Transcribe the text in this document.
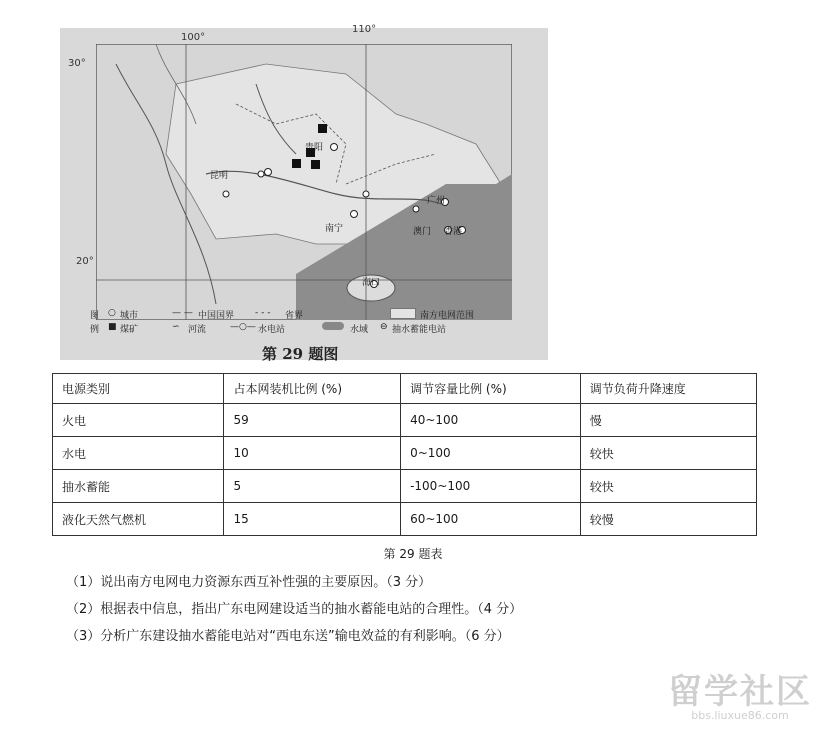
100°
110°
30°
20°
昆明
贵阳
南宁
广州
澳门 香港
海口
图
例
○ 城市
■ 煤矿
— — 中国国界
∽ 河流
- - - 省界
—○— 水电站	水域
南方电网范围
⊖ 抽水蓄能电站
第 29 题图
电源类别	占本网装机比例 (%)	调节容量比例 (%)	调节负荷升降速度
火电	59	40~100	慢
水电	10	0~100	较快
抽水蓄能	5	-100~100	较快
液化天然气燃机	15	60~100	较慢
第 29 题表
（1）说出南方电网电力资源东西互补性强的主要原因。（3 分）
（2）根据表中信息，指出广东电网建设适当的抽水蓄能电站的合理性。（4 分）
（3）分析广东建设抽水蓄能电站对“西电东送”输电效益的有利影响。（6 分）
留学社区
bbs.liuxue86.com
